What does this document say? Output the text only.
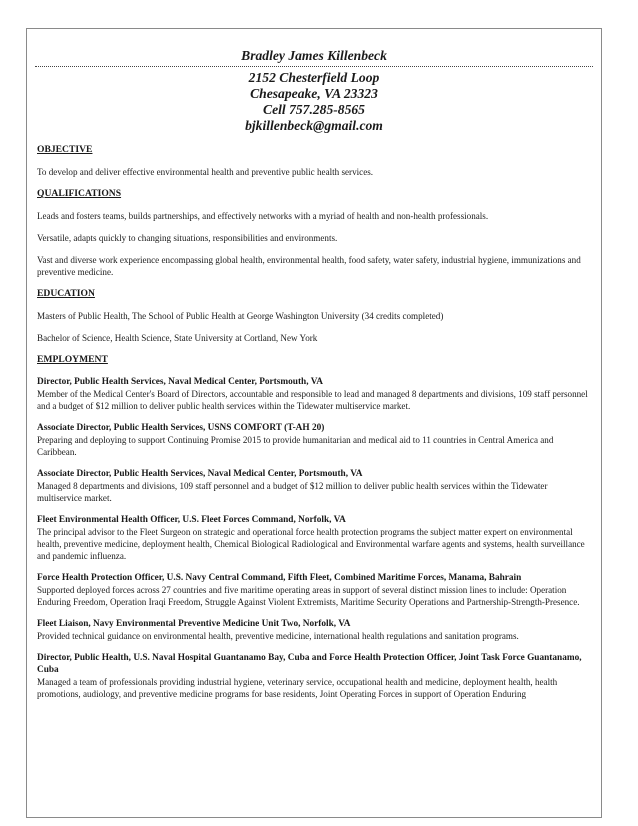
Bradley James Killenbeck
2152 Chesterfield Loop
Chesapeake, VA 23323
Cell 757.285-8565
bjkillenbeck@gmail.com
OBJECTIVE
To develop and deliver effective environmental health and preventive public health services.
QUALIFICATIONS
Leads and fosters teams, builds partnerships, and effectively networks with a myriad of health and non-health professionals.
Versatile, adapts quickly to changing situations, responsibilities and environments.
Vast and diverse work experience encompassing global health, environmental health, food safety, water safety, industrial hygiene, immunizations and preventive medicine.
EDUCATION
Masters of Public Health, The School of Public Health at George Washington University (34 credits completed)
Bachelor of Science, Health Science, State University at Cortland, New York
EMPLOYMENT
Director, Public Health Services, Naval Medical Center, Portsmouth, VA
Member of the Medical Center's Board of Directors, accountable and responsible to lead and managed 8 departments and divisions, 109 staff personnel and a budget of $12 million to deliver public health services within the Tidewater multiservice market.
Associate Director, Public Health Services, USNS COMFORT (T-AH 20)
Preparing and deploying to support Continuing Promise 2015 to provide humanitarian and medical aid to 11 countries in Central America and Caribbean.
Associate Director, Public Health Services, Naval Medical Center, Portsmouth, VA
Managed 8 departments and divisions, 109 staff personnel and a budget of $12 million to deliver public health services within the Tidewater multiservice market.
Fleet Environmental Health Officer, U.S. Fleet Forces Command, Norfolk, VA
The principal advisor to the Fleet Surgeon on strategic and operational force health protection programs the subject matter expert on environmental health, preventive medicine, deployment health, Chemical Biological Radiological and Environmental warfare agents and systems, health surveillance and pandemic influenza.
Force Health Protection Officer, U.S. Navy Central Command, Fifth Fleet, Combined Maritime Forces, Manama, Bahrain
Supported deployed forces across 27 countries and five maritime operating areas in support of several distinct mission lines to include: Operation Enduring Freedom, Operation Iraqi Freedom, Struggle Against Violent Extremists, Maritime Security Operations and Partnership-Strength-Presence.
Fleet Liaison, Navy Environmental Preventive Medicine Unit Two, Norfolk, VA
Provided technical guidance on environmental health, preventive medicine, international health regulations and sanitation programs.
Director, Public Health, U.S. Naval Hospital Guantanamo Bay, Cuba and Force Health Protection Officer, Joint Task Force Guantanamo, Cuba
Managed a team of professionals providing industrial hygiene, veterinary service, occupational health and medicine, deployment health, health promotions, audiology, and preventive medicine programs for base residents, Joint Operating Forces in support of Operation Enduring
